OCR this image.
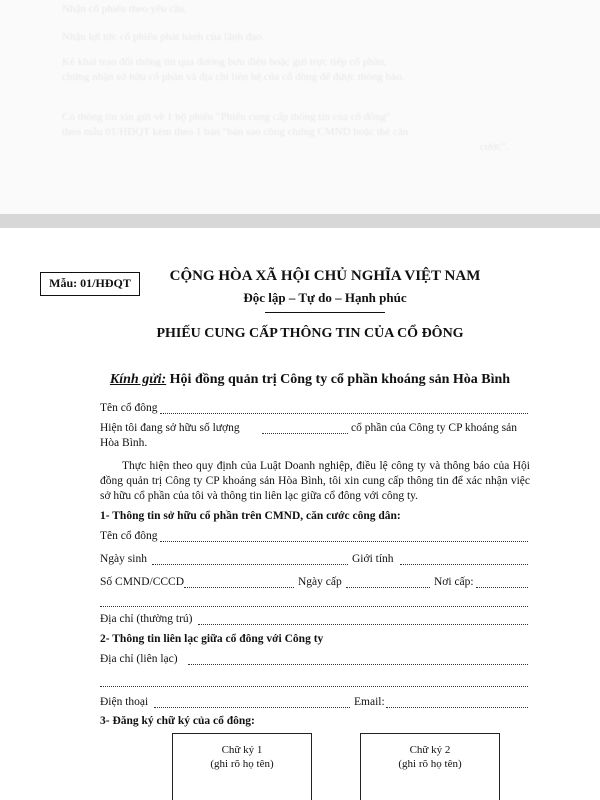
Nhận cổ phiếu theo yêu cầu.
Nhận lợi tức cổ phiếu phát hành của lãnh đạo.
Kê khai trao đổi thông tin qua đường bưu điện hoặc gửi trực tiếp cổ phần,
chứng nhận sở hữu cổ phần và địa chỉ liên hệ của cổ đông để được thông báo.
Có thông tin xin gửi về 1 bộ phiếu "Phiếu cung cấp thông tin của cổ đông"
theo mẫu 01/HĐQT kèm theo 1 bản "bản sao công chứng CMND hoặc thẻ căn
cước".
Mẫu: 01/HĐQT	CỘNG HÒA XÃ HỘI CHỦ NGHĨA VIỆT NAM
Độc lập – Tự do – Hạnh phúc
PHIẾU CUNG CẤP THÔNG TIN CỦA CỔ ĐÔNG
Kính gửi: Hội đồng quản trị Công ty cổ phần khoáng sản Hòa Bình
Tên cổ đông
Hiện tôi đang sở hữu số lượng	cổ phần của Công ty CP khoáng sản
Hòa Bình.
Thực hiện theo quy định của Luật Doanh nghiệp, điều lệ công ty và thông báo của Hội đồng quản trị Công ty CP khoáng sản Hòa Bình, tôi xin cung cấp thông tin để xác nhận việc sở hữu cổ phần của tôi và thông tin liên lạc giữa cổ đông với công ty.
1- Thông tin sở hữu cổ phần trên CMND, căn cước công dân:
Tên cổ đông
Ngày sinh	Giới tính
Số CMND/CCCD	Ngày cấp	Nơi cấp:
Địa chỉ (thường trú)
2- Thông tin liên lạc giữa cổ đông với Công ty
Địa chỉ (liên lạc)
Điện thoại	Email:
3- Đăng ký chữ ký của cổ đông:
Chữ ký 1
(ghi rõ họ tên)
Chữ ký 2
(ghi rõ họ tên)
